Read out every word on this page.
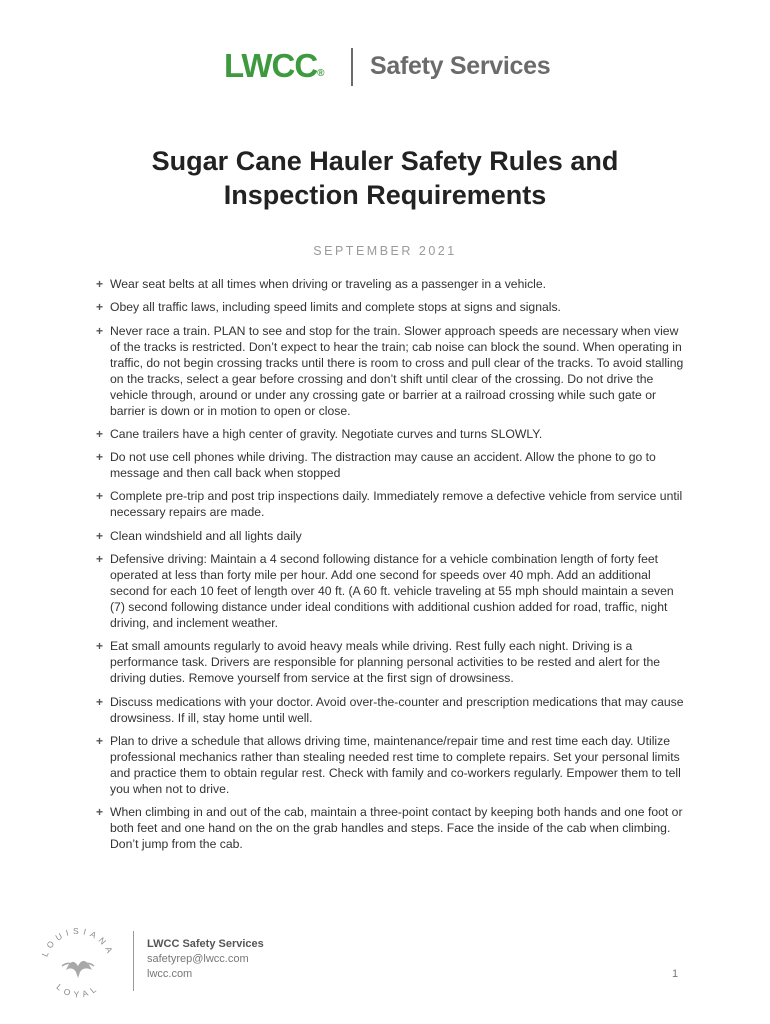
LWCC® Safety Services
Sugar Cane Hauler Safety Rules and
Inspection Requirements
SEPTEMBER 2021
+ Wear seat belts at all times when driving or traveling as a passenger in a vehicle.
+ Obey all traffic laws, including speed limits and complete stops at signs and signals.
+ Never race a train. PLAN to see and stop for the train. Slower approach speeds are necessary when view of the tracks is restricted. Don’t expect to hear the train; cab noise can block the sound. When operating in traffic, do not begin crossing tracks until there is room to cross and pull clear of the tracks. To avoid stalling on the tracks, select a gear before crossing and don’t shift until clear of the crossing. Do not drive the vehicle through, around or under any crossing gate or barrier at a railroad crossing while such gate or barrier is down or in motion to open or close.
+ Cane trailers have a high center of gravity. Negotiate curves and turns SLOWLY.
+ Do not use cell phones while driving. The distraction may cause an accident. Allow the phone to go to message and then call back when stopped
+ Complete pre-trip and post trip inspections daily. Immediately remove a defective vehicle from service until necessary repairs are made.
+ Clean windshield and all lights daily
+ Defensive driving: Maintain a 4 second following distance for a vehicle combination length of forty feet operated at less than forty mile per hour. Add one second for speeds over 40 mph. Add an additional second for each 10 feet of length over 40 ft. (A 60 ft. vehicle traveling at 55 mph should maintain a seven (7) second following distance under ideal conditions with additional cushion added for road, traffic, night driving, and inclement weather.
+ Eat small amounts regularly to avoid heavy meals while driving. Rest fully each night. Driving is a performance task. Drivers are responsible for planning personal activities to be rested and alert for the driving duties. Remove yourself from service at the first sign of drowsiness.
+ Discuss medications with your doctor. Avoid over-the-counter and prescription medications that may cause drowsiness. If ill, stay home until well.
+ Plan to drive a schedule that allows driving time, maintenance/repair time and rest time each day. Utilize professional mechanics rather than stealing needed rest time to complete repairs. Set your personal limits and practice them to obtain regular rest. Check with family and co-workers regularly. Empower them to tell you when not to drive.
+ When climbing in and out of the cab, maintain a three-point contact by keeping both hands and one foot or both feet and one hand on the on the grab handles and steps. Face the inside of the cab when climbing. Don’t jump from the cab.
LOUISIANA
LOYAL
LWCC Safety Services
safetyrep@lwcc.com
lwcc.com	1
